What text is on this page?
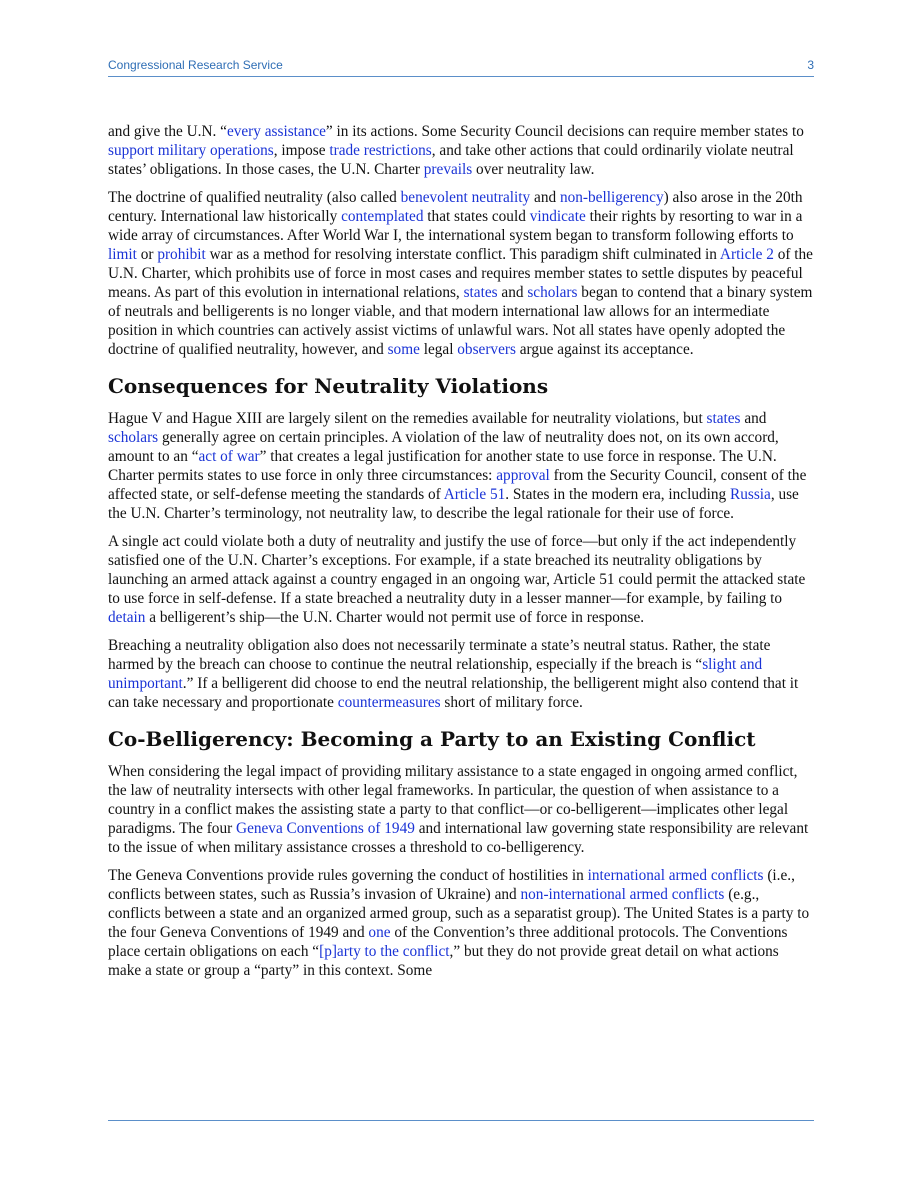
Congressional Research Service	3

and give the U.N. “every assistance” in its actions. Some Security Council decisions can require member states to support military operations, impose trade restrictions, and take other actions that could ordinarily violate neutral states’ obligations. In those cases, the U.N. Charter prevails over neutrality law.

The doctrine of qualified neutrality (also called benevolent neutrality and non-belligerency) also arose in the 20th century. International law historically contemplated that states could vindicate their rights by resorting to war in a wide array of circumstances. After World War I, the international system began to transform following efforts to limit or prohibit war as a method for resolving interstate conflict. This paradigm shift culminated in Article 2 of the U.N. Charter, which prohibits use of force in most cases and requires member states to settle disputes by peaceful means. As part of this evolution in international relations, states and scholars began to contend that a binary system of neutrals and belligerents is no longer viable, and that modern international law allows for an intermediate position in which countries can actively assist victims of unlawful wars. Not all states have openly adopted the doctrine of qualified neutrality, however, and some legal observers argue against its acceptance.

Consequences for Neutrality Violations

Hague V and Hague XIII are largely silent on the remedies available for neutrality violations, but states and scholars generally agree on certain principles. A violation of the law of neutrality does not, on its own accord, amount to an “act of war” that creates a legal justification for another state to use force in response. The U.N. Charter permits states to use force in only three circumstances: approval from the Security Council, consent of the affected state, or self-defense meeting the standards of Article 51. States in the modern era, including Russia, use the U.N. Charter’s terminology, not neutrality law, to describe the legal rationale for their use of force.

A single act could violate both a duty of neutrality and justify the use of force—but only if the act independently satisfied one of the U.N. Charter’s exceptions. For example, if a state breached its neutrality obligations by launching an armed attack against a country engaged in an ongoing war, Article 51 could permit the attacked state to use force in self-defense. If a state breached a neutrality duty in a lesser manner—for example, by failing to detain a belligerent’s ship—the U.N. Charter would not permit use of force in response.

Breaching a neutrality obligation also does not necessarily terminate a state’s neutral status. Rather, the state harmed by the breach can choose to continue the neutral relationship, especially if the breach is “slight and unimportant.” If a belligerent did choose to end the neutral relationship, the belligerent might also contend that it can take necessary and proportionate countermeasures short of military force.

Co-Belligerency: Becoming a Party to an Existing Conflict

When considering the legal impact of providing military assistance to a state engaged in ongoing armed conflict, the law of neutrality intersects with other legal frameworks. In particular, the question of when assistance to a country in a conflict makes the assisting state a party to that conflict—or co-belligerent—implicates other legal paradigms. The four Geneva Conventions of 1949 and international law governing state responsibility are relevant to the issue of when military assistance crosses a threshold to co-belligerency.

The Geneva Conventions provide rules governing the conduct of hostilities in international armed conflicts (i.e., conflicts between states, such as Russia’s invasion of Ukraine) and non-international armed conflicts (e.g., conflicts between a state and an organized armed group, such as a separatist group). The United States is a party to the four Geneva Conventions of 1949 and one of the Convention’s three additional protocols. The Conventions place certain obligations on each “[p]arty to the conflict,” but they do not provide great detail on what actions make a state or group a “party” in this context. Some
